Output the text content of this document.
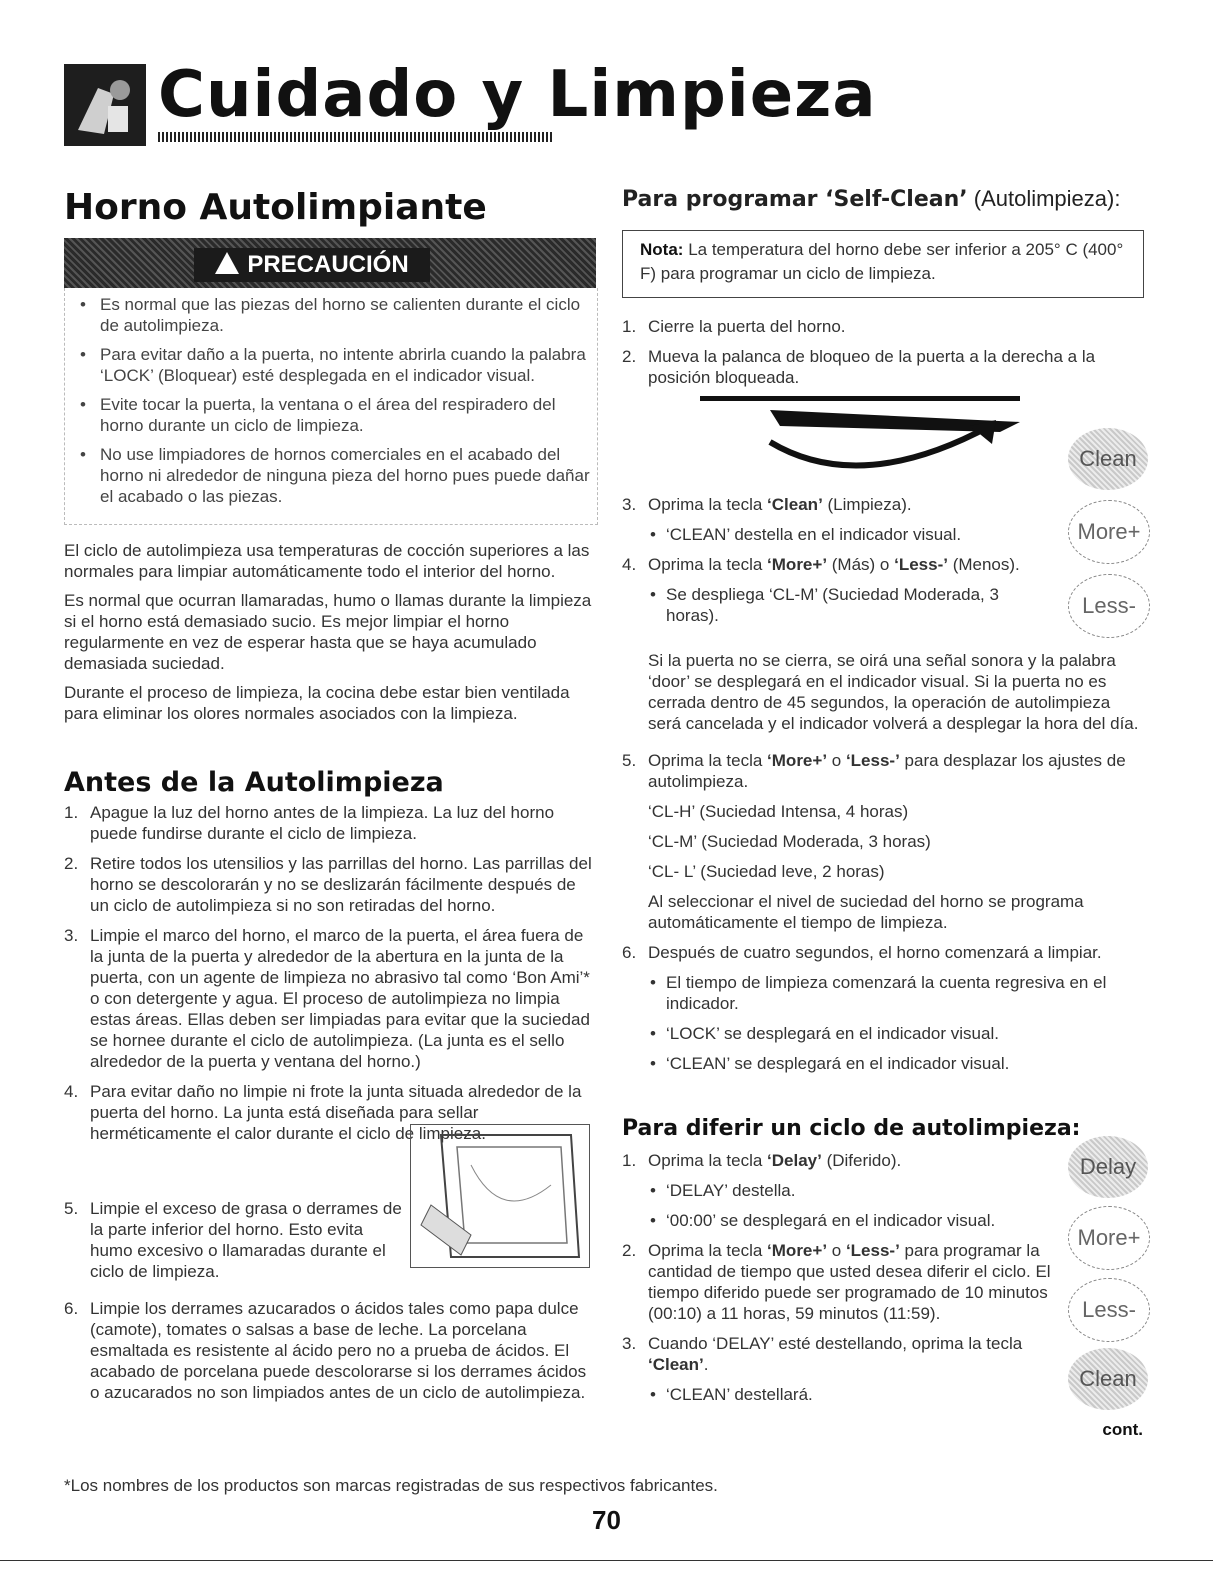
Cuidado y Limpieza
Horno Autolimpiante
PRECAUCIÓN
• Es normal que las piezas del horno se calienten durante el ciclo de autolimpieza.
• Para evitar daño a la puerta, no intente abrirla cuando la palabra ‘LOCK’ (Bloquear) esté desplegada en el indicador visual.
• Evite tocar la puerta, la ventana o el área del respiradero del horno durante un ciclo de limpieza.
• No use limpiadores de hornos comerciales en el acabado del horno ni alrededor de ninguna pieza del horno pues puede dañar el acabado o las piezas.

El ciclo de autolimpieza usa temperaturas de cocción superiores a las normales para limpiar automáticamente todo el interior del horno.

Es normal que ocurran llamaradas, humo o llamas durante la limpieza si el horno está demasiado sucio. Es mejor limpiar el horno regularmente en vez de esperar hasta que se haya acumulado demasiada suciedad.

Durante el proceso de limpieza, la cocina debe estar bien ventilada para eliminar los olores normales asociados con la limpieza.

Antes de la Autolimpieza
1. Apague la luz del horno antes de la limpieza. La luz del horno puede fundirse durante el ciclo de limpieza.
2. Retire todos los utensilios y las parrillas del horno. Las parrillas del horno se descolorarán y no se deslizarán fácilmente después de un ciclo de autolimpieza si no son retiradas del horno.
3. Limpie el marco del horno, el marco de la puerta, el área fuera de la junta de la puerta y alrededor de la abertura en la junta de la puerta, con un agente de limpieza no abrasivo tal como ‘Bon Ami’* o con detergente y agua. El proceso de autolimpieza no limpia estas áreas. Ellas deben ser limpiadas para evitar que la suciedad se hornee durante el ciclo de autolimpieza. (La junta es el sello alrededor de la puerta y ventana del horno.)
4. Para evitar daño no limpie ni frote la junta situada alrededor de la puerta del horno. La junta está diseñada para sellar herméticamente el calor durante el ciclo de limpieza.
5. Limpie el exceso de grasa o derrames de la parte inferior del horno. Esto evita humo excesivo o llamaradas durante el ciclo de limpieza.
6. Limpie los derrames azucarados o ácidos tales como papa dulce (camote), tomates o salsas a base de leche. La porcelana esmaltada es resistente al ácido pero no a prueba de ácidos. El acabado de porcelana puede descolorarse si los derrames ácidos o azucarados no son limpiados antes de un ciclo de autolimpieza.
Para programar ‘Self-Clean’ (Autolimpieza):
Nota: La temperatura del horno debe ser inferior a 205° C (400° F) para programar un ciclo de limpieza.
1. Cierre la puerta del horno.
2. Mueva la palanca de bloqueo de la puerta a la derecha a la posición bloqueada.
Clean
More+
Less-
3. Oprima la tecla ‘Clean’ (Limpieza).
• ‘CLEAN’ destella en el indicador visual.
4. Oprima la tecla ‘More+’ (Más) o ‘Less-’ (Menos).
• Se despliega ‘CL-M’ (Suciedad Moderada, 3 horas).
Si la puerta no se cierra, se oirá una señal sonora y la palabra ‘door’ se desplegará en el indicador visual. Si la puerta no es cerrada dentro de 45 segundos, la operación de autolimpieza será cancelada y el indicador volverá a desplegar la hora del día.
5. Oprima la tecla ‘More+’ o ‘Less-’ para desplazar los ajustes de autolimpieza.
‘CL-H’ (Suciedad Intensa, 4 horas)
‘CL-M’ (Suciedad Moderada, 3 horas)
‘CL- L’ (Suciedad leve, 2 horas)
Al seleccionar el nivel de suciedad del horno se programa automáticamente el tiempo de limpieza.
6. Después de cuatro segundos, el horno comenzará a limpiar.
• El tiempo de limpieza comenzará la cuenta regresiva en el indicador.
• ‘LOCK’ se desplegará en el indicador visual.
• ‘CLEAN’ se desplegará en el indicador visual.
Para diferir un ciclo de autolimpieza:
Delay
More+
Less-
Clean
1. Oprima la tecla ‘Delay’ (Diferido).
• ‘DELAY’ destella.
• ‘00:00’ se desplegará en el indicador visual.
2. Oprima la tecla ‘More+’ o ‘Less-’ para programar la cantidad de tiempo que usted desea diferir el ciclo. El tiempo diferido puede ser programado de 10 minutos (00:10) a 11 horas, 59 minutos (11:59).
3. Cuando ‘DELAY’ esté destellando, oprima la tecla ‘Clean’.
• ‘CLEAN’ destellará.
cont.
*Los nombres de los productos son marcas registradas de sus respectivos fabricantes.
70
